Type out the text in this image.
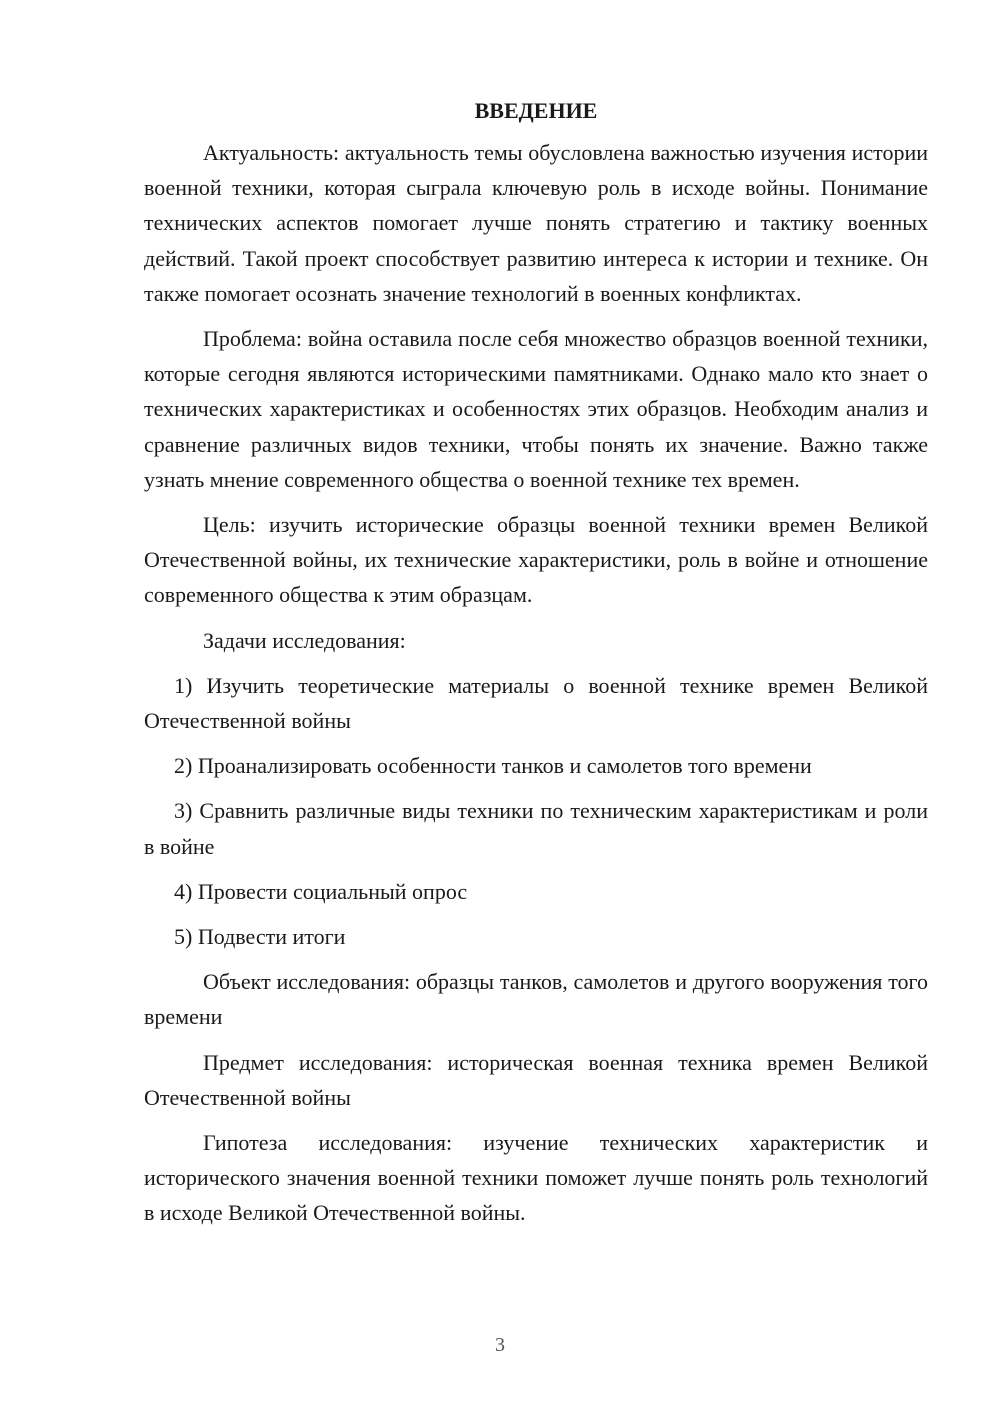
ВВЕДЕНИЕ

Актуальность: актуальность темы обусловлена важностью изучения истории военной техники, которая сыграла ключевую роль в исходе войны. Понимание технических аспектов помогает лучше понять стратегию и тактику военных действий. Такой проект способствует развитию интереса к истории и технике. Он также помогает осознать значение технологий в военных конфликтах.

Проблема: война оставила после себя множество образцов военной техники, которые сегодня являются историческими памятниками. Однако мало кто знает о технических характеристиках и особенностях этих образцов. Необходим анализ и сравнение различных видов техники, чтобы понять их значение. Важно также узнать мнение современного общества о военной технике тех времен.

Цель: изучить исторические образцы военной техники времен Великой Отечественной войны, их технические характеристики, роль в войне и отношение современного общества к этим образцам.

Задачи исследования:

1) Изучить теоретические материалы о военной технике времен Великой Отечественной войны

2) Проанализировать особенности танков и самолетов того времени

3) Сравнить различные виды техники по техническим характеристикам и роли в войне

4) Провести социальный опрос

5) Подвести итоги

Объект исследования: образцы танков, самолетов и другого вооружения того времени

Предмет исследования: историческая военная техника времен Великой Отечественной войны

Гипотеза исследования: изучение технических характеристик и исторического значения военной техники поможет лучше понять роль технологий в исходе Великой Отечественной войны.

3
